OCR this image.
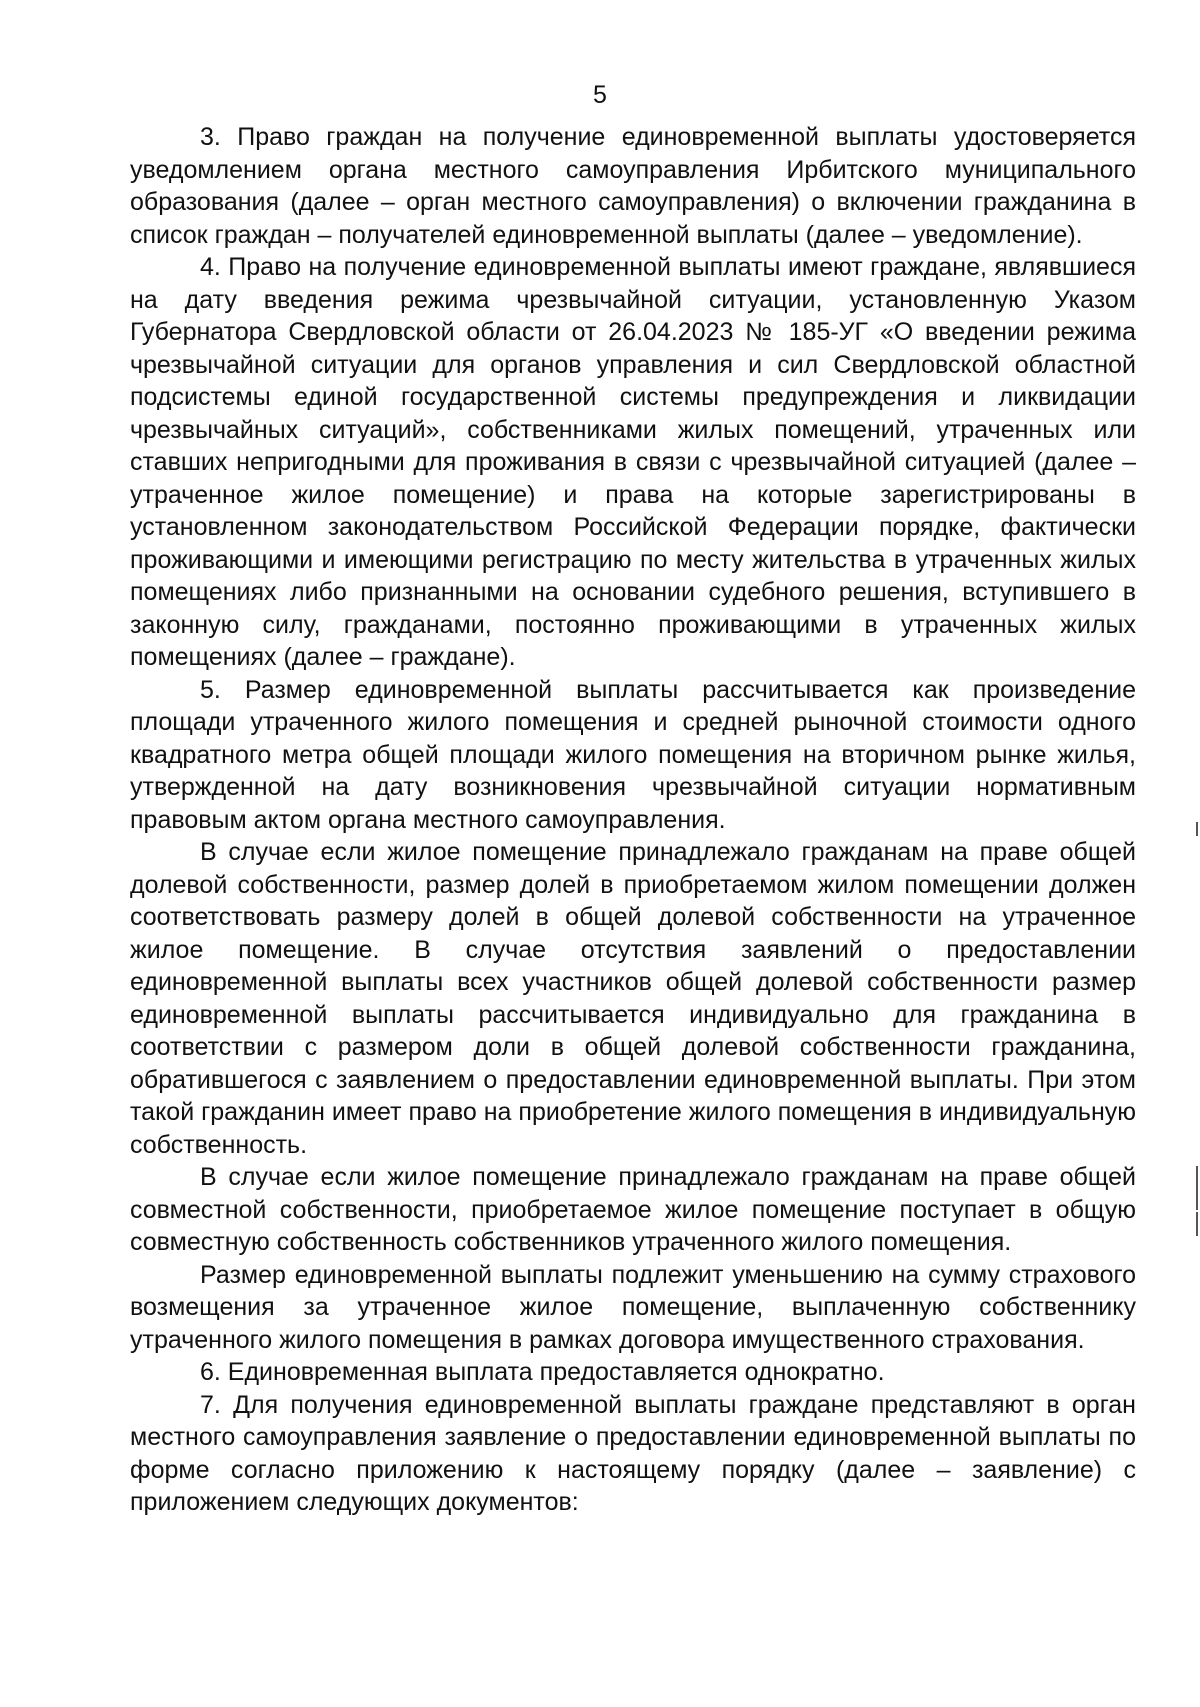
5

3. Право граждан на получение единовременной выплаты удостоверяется уведомлением органа местного самоуправления Ирбитского муниципального образования (далее – орган местного самоуправления) о включении гражданина в список граждан – получателей единовременной выплаты (далее – уведомление).

4. Право на получение единовременной выплаты имеют граждане, являвшиеся на дату введения режима чрезвычайной ситуации, установленную Указом Губернатора Свердловской области от 26.04.2023 № 185-УГ «О введении режима чрезвычайной ситуации для органов управления и сил Свердловской областной подсистемы единой государственной системы предупреждения и ликвидации чрезвычайных ситуаций», собственниками жилых помещений, утраченных или ставших непригодными для проживания в связи с чрезвычайной ситуацией (далее – утраченное жилое помещение) и права на которые зарегистрированы в установленном законодательством Российской Федерации порядке, фактически проживающими и имеющими регистрацию по месту жительства в утраченных жилых помещениях либо признанными на основании судебного решения, вступившего в законную силу, гражданами, постоянно проживающими в утраченных жилых помещениях (далее – граждане).

5. Размер единовременной выплаты рассчитывается как произведение площади утраченного жилого помещения и средней рыночной стоимости одного квадратного метра общей площади жилого помещения на вторичном рынке жилья, утвержденной на дату возникновения чрезвычайной ситуации нормативным правовым актом органа местного самоуправления.

В случае если жилое помещение принадлежало гражданам на праве общей долевой собственности, размер долей в приобретаемом жилом помещении должен соответствовать размеру долей в общей долевой собственности на утраченное жилое помещение. В случае отсутствия заявлений о предоставлении единовременной выплаты всех участников общей долевой собственности размер единовременной выплаты рассчитывается индивидуально для гражданина в соответствии с размером доли в общей долевой собственности гражданина, обратившегося с заявлением о предоставлении единовременной выплаты. При этом такой гражданин имеет право на приобретение жилого помещения в индивидуальную собственность.

В случае если жилое помещение принадлежало гражданам на праве общей совместной собственности, приобретаемое жилое помещение поступает в общую совместную собственность собственников утраченного жилого помещения.

Размер единовременной выплаты подлежит уменьшению на сумму страхового возмещения за утраченное жилое помещение, выплаченную собственнику утраченного жилого помещения в рамках договора имущественного страхования.

6. Единовременная выплата предоставляется однократно.

7. Для получения единовременной выплаты граждане представляют в орган местного самоуправления заявление о предоставлении единовременной выплаты по форме согласно приложению к настоящему порядку (далее – заявление) с приложением следующих документов:
